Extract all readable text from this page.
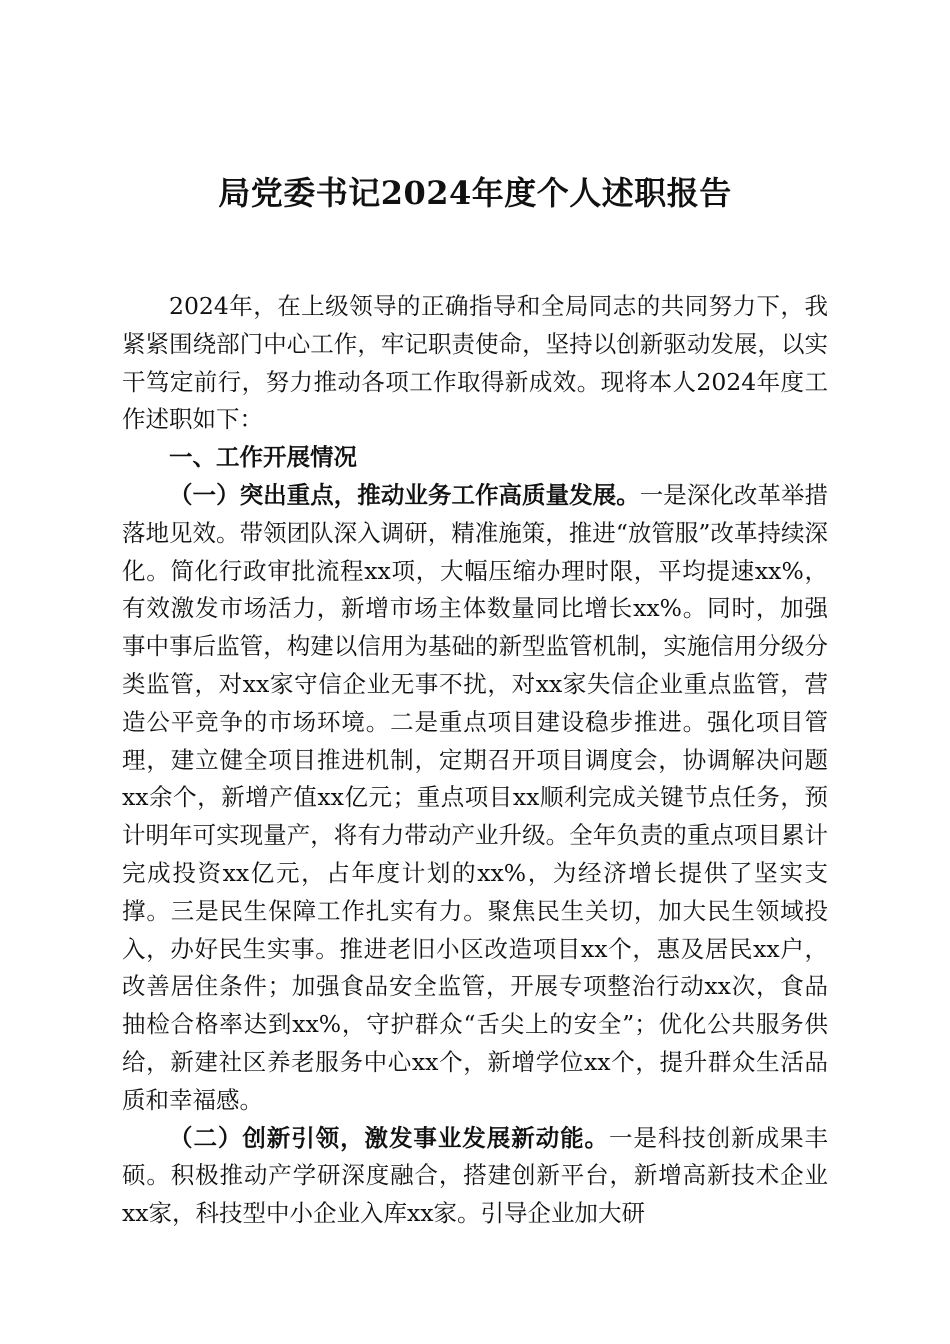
局党委书记2024年度个人述职报告

2024年，在上级领导的正确指导和全局同志的共同努力下，我紧紧围绕部门中心工作，牢记职责使命，坚持以创新驱动发展，以实干笃定前行，努力推动各项工作取得新成效。现将本人2024年度工作述职如下：

一、工作开展情况

（一）突出重点，推动业务工作高质量发展。一是深化改革举措落地见效。带领团队深入调研，精准施策，推进“放管服”改革持续深化。简化行政审批流程xx项，大幅压缩办理时限，平均提速xx%，有效激发市场活力，新增市场主体数量同比增长xx%。同时，加强事中事后监管，构建以信用为基础的新型监管机制，实施信用分级分类监管，对xx家守信企业无事不扰，对xx家失信企业重点监管，营造公平竞争的市场环境。二是重点项目建设稳步推进。强化项目管理，建立健全项目推进机制，定期召开项目调度会，协调解决问题xx余个，新增产值xx亿元；重点项目xx顺利完成关键节点任务，预计明年可实现量产，将有力带动产业升级。全年负责的重点项目累计完成投资xx亿元，占年度计划的xx%，为经济增长提供了坚实支撑。三是民生保障工作扎实有力。聚焦民生关切，加大民生领域投入，办好民生实事。推进老旧小区改造项目xx个，惠及居民xx户，改善居住条件；加强食品安全监管，开展专项整治行动xx次，食品抽检合格率达到xx%，守护群众“舌尖上的安全”；优化公共服务供给，新建社区养老服务中心xx个，新增学位xx个，提升群众生活品质和幸福感。

（二）创新引领，激发事业发展新动能。一是科技创新成果丰硕。积极推动产学研深度融合，搭建创新平台，新增高新技术企业xx家，科技型中小企业入库xx家。引导企业加大研
